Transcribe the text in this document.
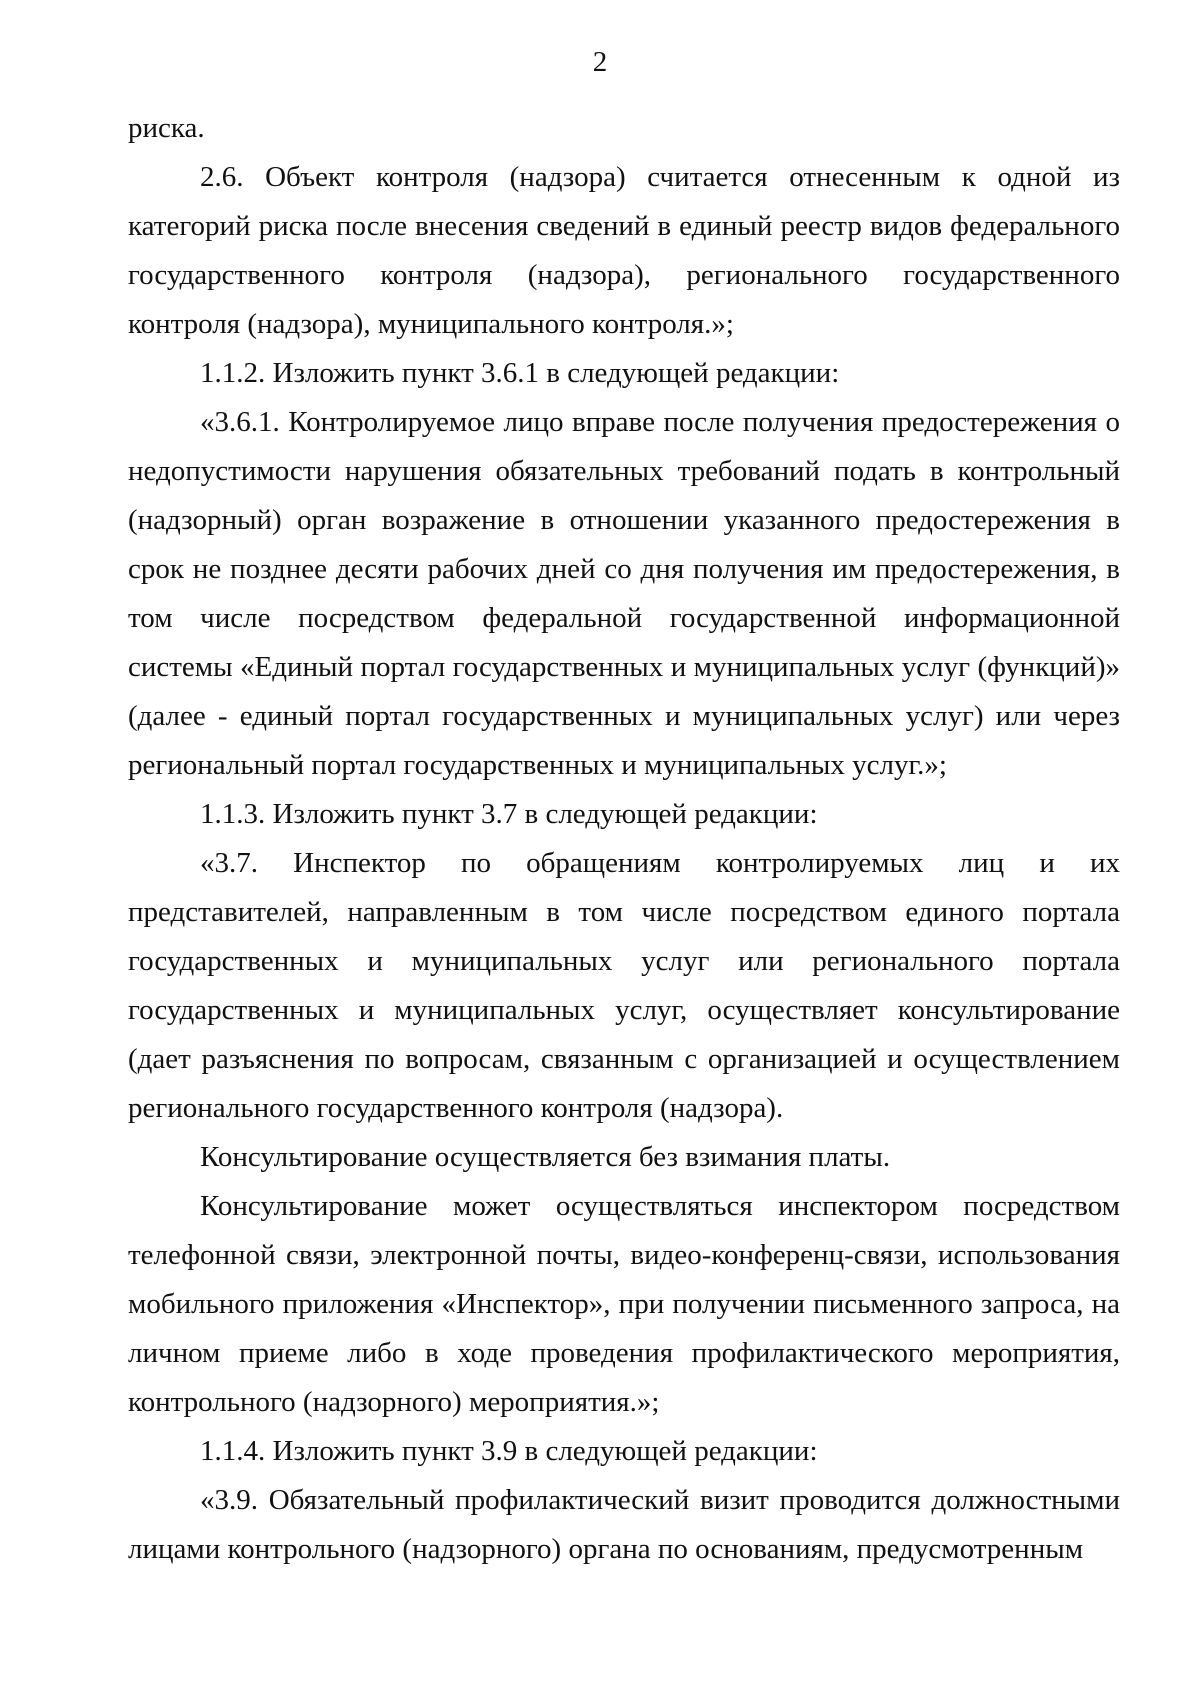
2

риска.

2.6. Объект контроля (надзора) считается отнесенным к одной из категорий риска после внесения сведений в единый реестр видов федерального государственного контроля (надзора), регионального государственного контроля (надзора), муниципального контроля.»;

1.1.2. Изложить пункт 3.6.1 в следующей редакции:

«3.6.1. Контролируемое лицо вправе после получения предостережения о недопустимости нарушения обязательных требований подать в контрольный (надзорный) орган возражение в отношении указанного предостережения в срок не позднее десяти рабочих дней со дня получения им предостережения, в том числе посредством федеральной государственной информационной системы «Единый портал государственных и муниципальных услуг (функций)» (далее - единый портал государственных и муниципальных услуг) или через региональный портал государственных и муниципальных услуг.»;

1.1.3. Изложить пункт 3.7 в следующей редакции:

«3.7. Инспектор по обращениям контролируемых лиц и их представителей, направленным в том числе посредством единого портала государственных и муниципальных услуг или регионального портала государственных и муниципальных услуг, осуществляет консультирование (дает разъяснения по вопросам, связанным с организацией и осуществлением регионального государственного контроля (надзора).

Консультирование осуществляется без взимания платы.

Консультирование может осуществляться инспектором посредством телефонной связи, электронной почты, видео-конференц-связи, использования мобильного приложения «Инспектор», при получении письменного запроса, на личном приеме либо в ходе проведения профилактического мероприятия, контрольного (надзорного) мероприятия.»;

1.1.4. Изложить пункт 3.9 в следующей редакции:

«3.9. Обязательный профилактический визит проводится должностными лицами контрольного (надзорного) органа по основаниям, предусмотренным
